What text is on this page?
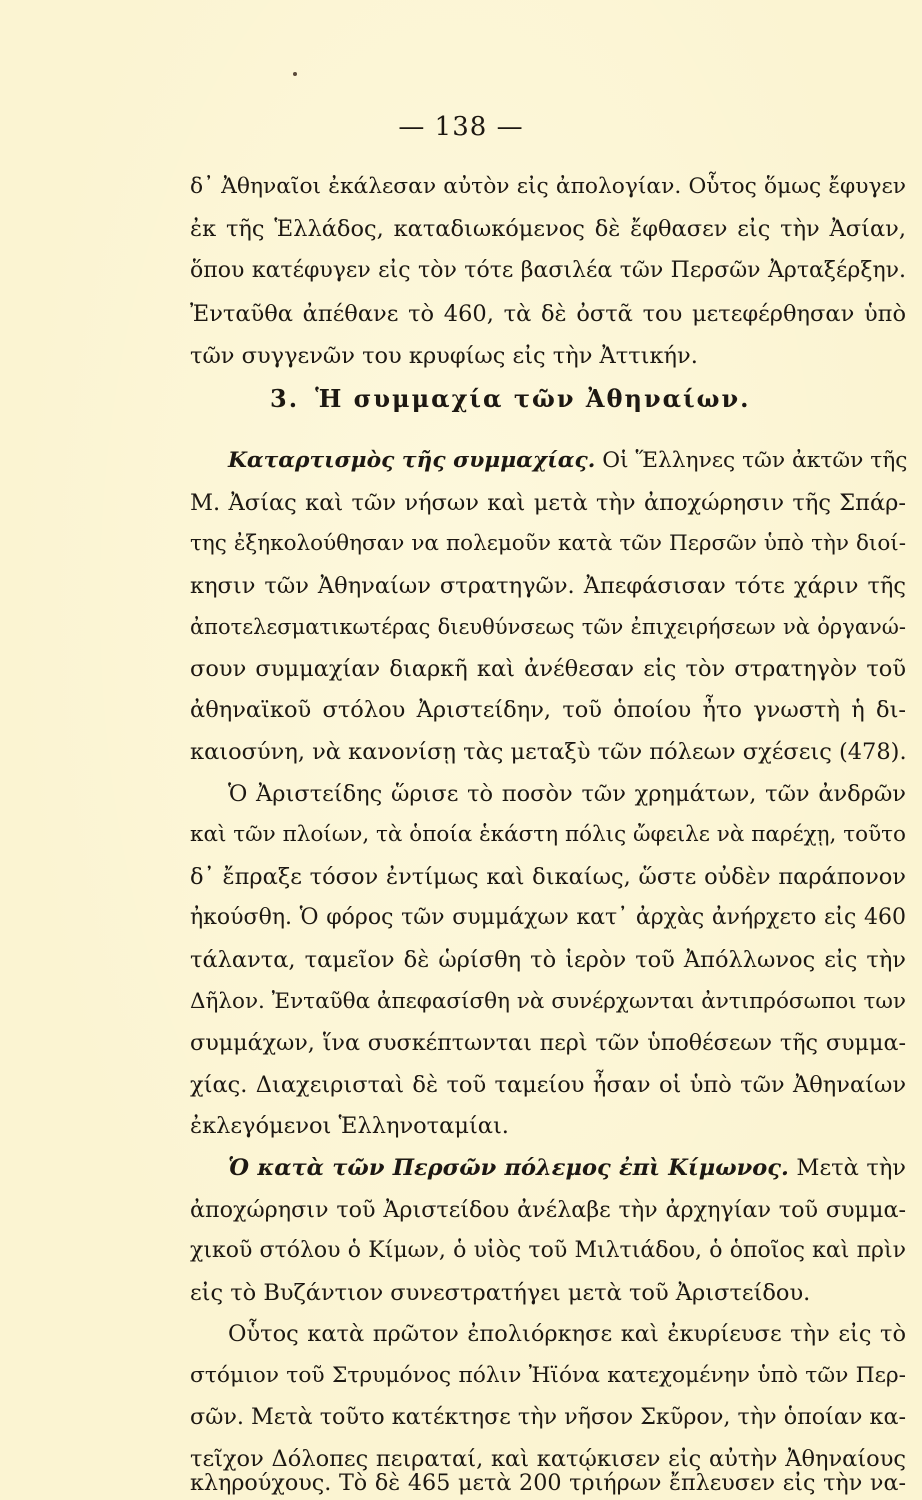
— 138 —
δ᾽ Ἀθηναῖοι ἐκάλεσαν αὐτὸν εἰς ἀπολογίαν. Οὗτος ὅμως ἔφυγεν
ἐκ τῆς Ἑλλάδος, καταδιωκόμενος δὲ ἔφθασεν εἰς τὴν Ἀσίαν,
ὅπου κατέφυγεν εἰς τὸν τότε βασιλέα τῶν Περσῶν Ἀρταξέρξην.
Ἐνταῦθα ἀπέθανε τὸ 460, τὰ δὲ ὀστᾶ του μετεφέρθησαν ὑπὸ
τῶν συγγενῶν του κρυφίως εἰς τὴν Ἀττικήν.
3. Ἡ συμμαχία τῶν Ἀθηναίων.
Καταρτισμὸς τῆς συμμαχίας. Οἱ Ἕλληνες τῶν ἀκτῶν τῆς
Μ. Ἀσίας καὶ τῶν νήσων καὶ μετὰ τὴν ἀποχώρησιν τῆς Σπάρ-
της ἐξηκολούθησαν να πολεμοῦν κατὰ τῶν Περσῶν ὑπὸ τὴν διοί-
κησιν τῶν Ἀθηναίων στρατηγῶν. Ἀπεφάσισαν τότε χάριν τῆς
ἀποτελεσματικωτέρας διευθύνσεως τῶν ἐπιχειρήσεων νὰ ὀργανώ-
σουν συμμαχίαν διαρκῆ καὶ ἀνέθεσαν εἰς τὸν στρατηγὸν τοῦ
ἀθηναϊκοῦ στόλου Ἀριστείδην, τοῦ ὁποίου ἦτο γνωστὴ ἡ δι-
καιοσύνη, νὰ κανονίσῃ τὰς μεταξὺ τῶν πόλεων σχέσεις (478).
Ὁ Ἀριστείδης ὥρισε τὸ ποσὸν τῶν χρημάτων, τῶν ἀνδρῶν
καὶ τῶν πλοίων, τὰ ὁποία ἑκάστη πόλις ὤφειλε νὰ παρέχῃ, τοῦτο
δ᾽ ἔπραξε τόσον ἐντίμως καὶ δικαίως, ὥστε οὐδὲν παράπονον
ἠκούσθη. Ὁ φόρος τῶν συμμάχων κατ᾽ ἀρχὰς ἀνήρχετο εἰς 460
τάλαντα, ταμεῖον δὲ ὡρίσθη τὸ ἱερὸν τοῦ Ἀπόλλωνος εἰς τὴν
Δῆλον. Ἐνταῦθα ἀπεφασίσθη νὰ συνέρχωνται ἀντιπρόσωποι των
συμμάχων, ἵνα συσκέπτωνται περὶ τῶν ὑποθέσεων τῆς συμμα-
χίας. Διαχειρισταὶ δὲ τοῦ ταμείου ἦσαν οἱ ὑπὸ τῶν Ἀθηναίων
ἐκλεγόμενοι Ἑλληνοταμίαι.
Ὁ κατὰ τῶν Περσῶν πόλεμος ἐπὶ Κίμωνος. Μετὰ τὴν
ἀποχώρησιν τοῦ Ἀριστείδου ἀνέλαβε τὴν ἀρχηγίαν τοῦ συμμα-
χικοῦ στόλου ὁ Κίμων, ὁ υἱὸς τοῦ Μιλτιάδου, ὁ ὁποῖος καὶ πρὶν
εἰς τὸ Βυζάντιον συνεστρατήγει μετὰ τοῦ Ἀριστείδου.
Οὗτος κατὰ πρῶτον ἐπολιόρκησε καὶ ἐκυρίευσε τὴν εἰς τὸ
στόμιον τοῦ Στρυμόνος πόλιν Ἠϊόνα κατεχομένην ὑπὸ τῶν Περ-
σῶν. Μετὰ τοῦτο κατέκτησε τὴν νῆσον Σκῦρον, τὴν ὁποίαν κα-
τεῖχον Δόλοπες πειραταί, καὶ κατῴκισεν εἰς αὐτὴν Ἀθηναίους
κληρούχους. Τὸ δὲ 465 μετὰ 200 τριήρων ἔπλευσεν εἰς τὴν να-
